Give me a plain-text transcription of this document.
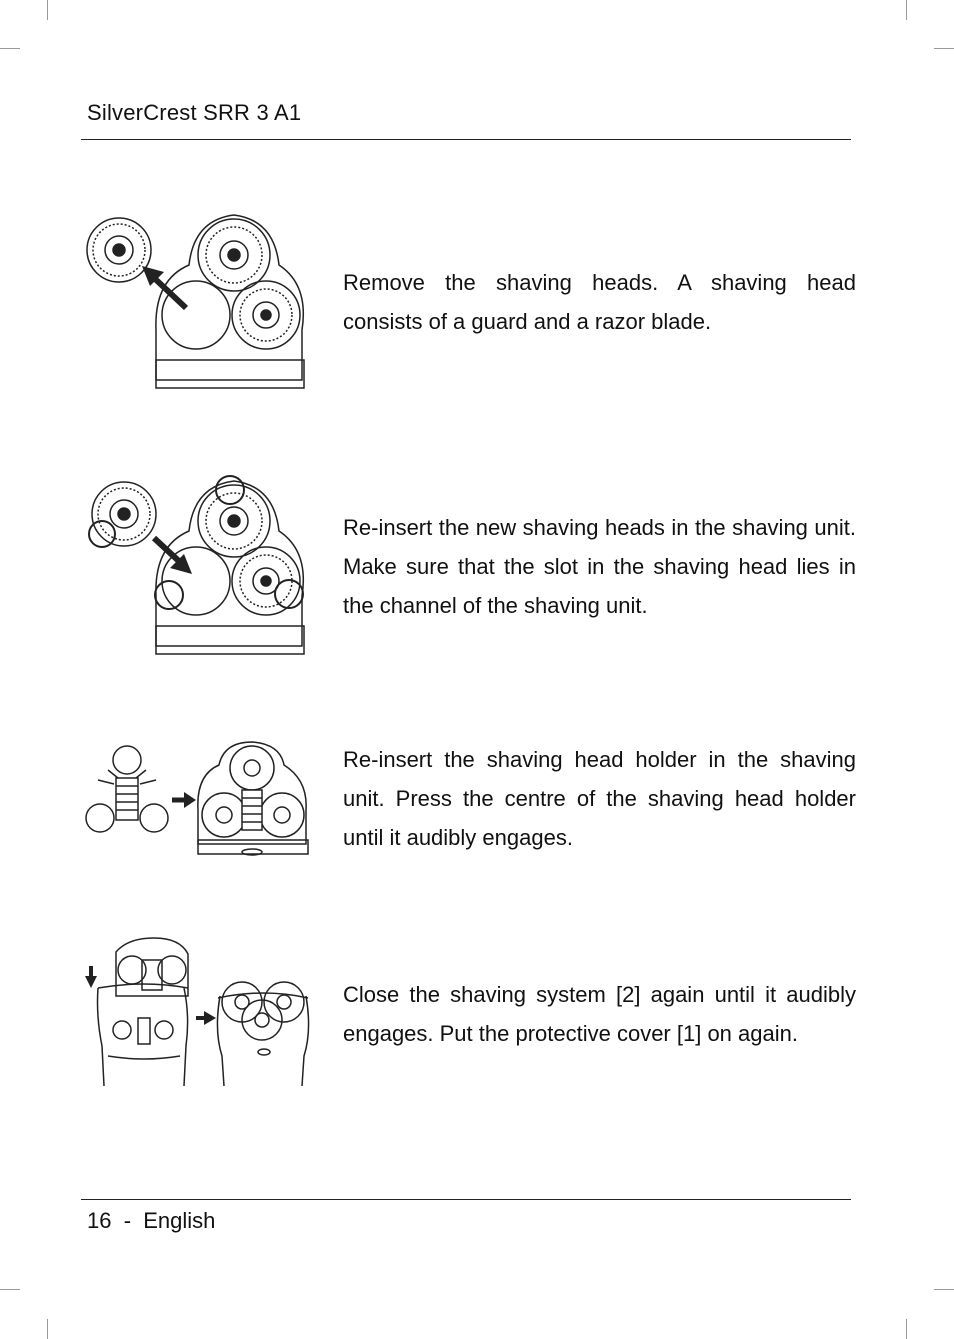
SilverCrest SRR 3 A1
Remove the shaving heads. A shaving head consists of a guard and a razor blade.
Re-insert the new shaving heads in the shaving unit. Make sure that the slot in the shaving head lies in the channel of the shaving unit.
Re-insert the shaving head holder in the shaving unit. Press the centre of the shaving head holder until it audibly engages.
Close the shaving system [2] again until it audibly engages. Put the protective cover [1] on again.
16  -  English
